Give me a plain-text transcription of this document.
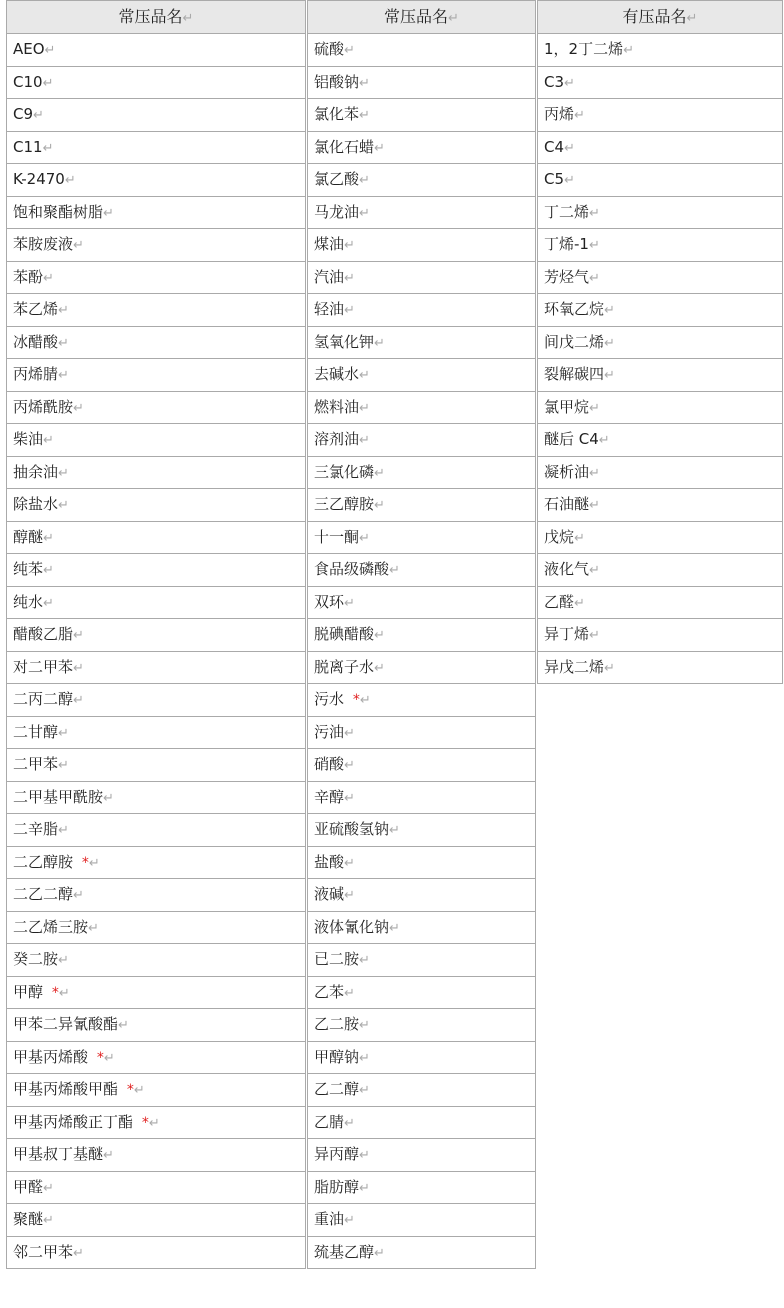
常压品名↵
AEO↵
C10↵
C9↵
C11↵
K-2470↵
饱和聚酯树脂↵
苯胺废液↵
苯酚↵
苯乙烯↵
冰醋酸↵
丙烯腈↵
丙烯酰胺↵
柴油↵
抽余油↵
除盐水↵
醇醚↵
纯苯↵
纯水↵
醋酸乙脂↵
对二甲苯↵
二丙二醇↵
二甘醇↵
二甲苯↵
二甲基甲酰胺↵
二辛脂↵
二乙醇胺  *↵
二乙二醇↵
二乙烯三胺↵
癸二胺↵
甲醇  *↵
甲苯二异氰酸酯↵
甲基丙烯酸  *↵
甲基丙烯酸甲酯  *↵
甲基丙烯酸正丁酯  *↵
甲基叔丁基醚↵
甲醛↵
聚醚↵
邻二甲苯↵
常压品名↵
硫酸↵
铝酸钠↵
氯化苯↵
氯化石蜡↵
氯乙酸↵
马龙油↵
煤油↵
汽油↵
轻油↵
氢氧化钾↵
去碱水↵
燃料油↵
溶剂油↵
三氯化磷↵
三乙醇胺↵
十一酮↵
食品级磷酸↵
双环↵
脱碘醋酸↵
脱离子水↵
污水  *↵
污油↵
硝酸↵
辛醇↵
亚硫酸氢钠↵
盐酸↵
液碱↵
液体氰化钠↵
已二胺↵
乙苯↵
乙二胺↵
甲醇钠↵
乙二醇↵
乙腈↵
异丙醇↵
脂肪醇↵
重油↵
巯基乙醇↵
有压品名↵
1，2丁二烯↵
C3↵
丙烯↵
C4↵
C5↵
丁二烯↵
丁烯-1↵
芳烃气↵
环氧乙烷↵
间戊二烯↵
裂解碳四↵
氯甲烷↵
醚后 C4↵
凝析油↵
石油醚↵
戊烷↵
液化气↵
乙醛↵
异丁烯↵
异戊二烯↵
